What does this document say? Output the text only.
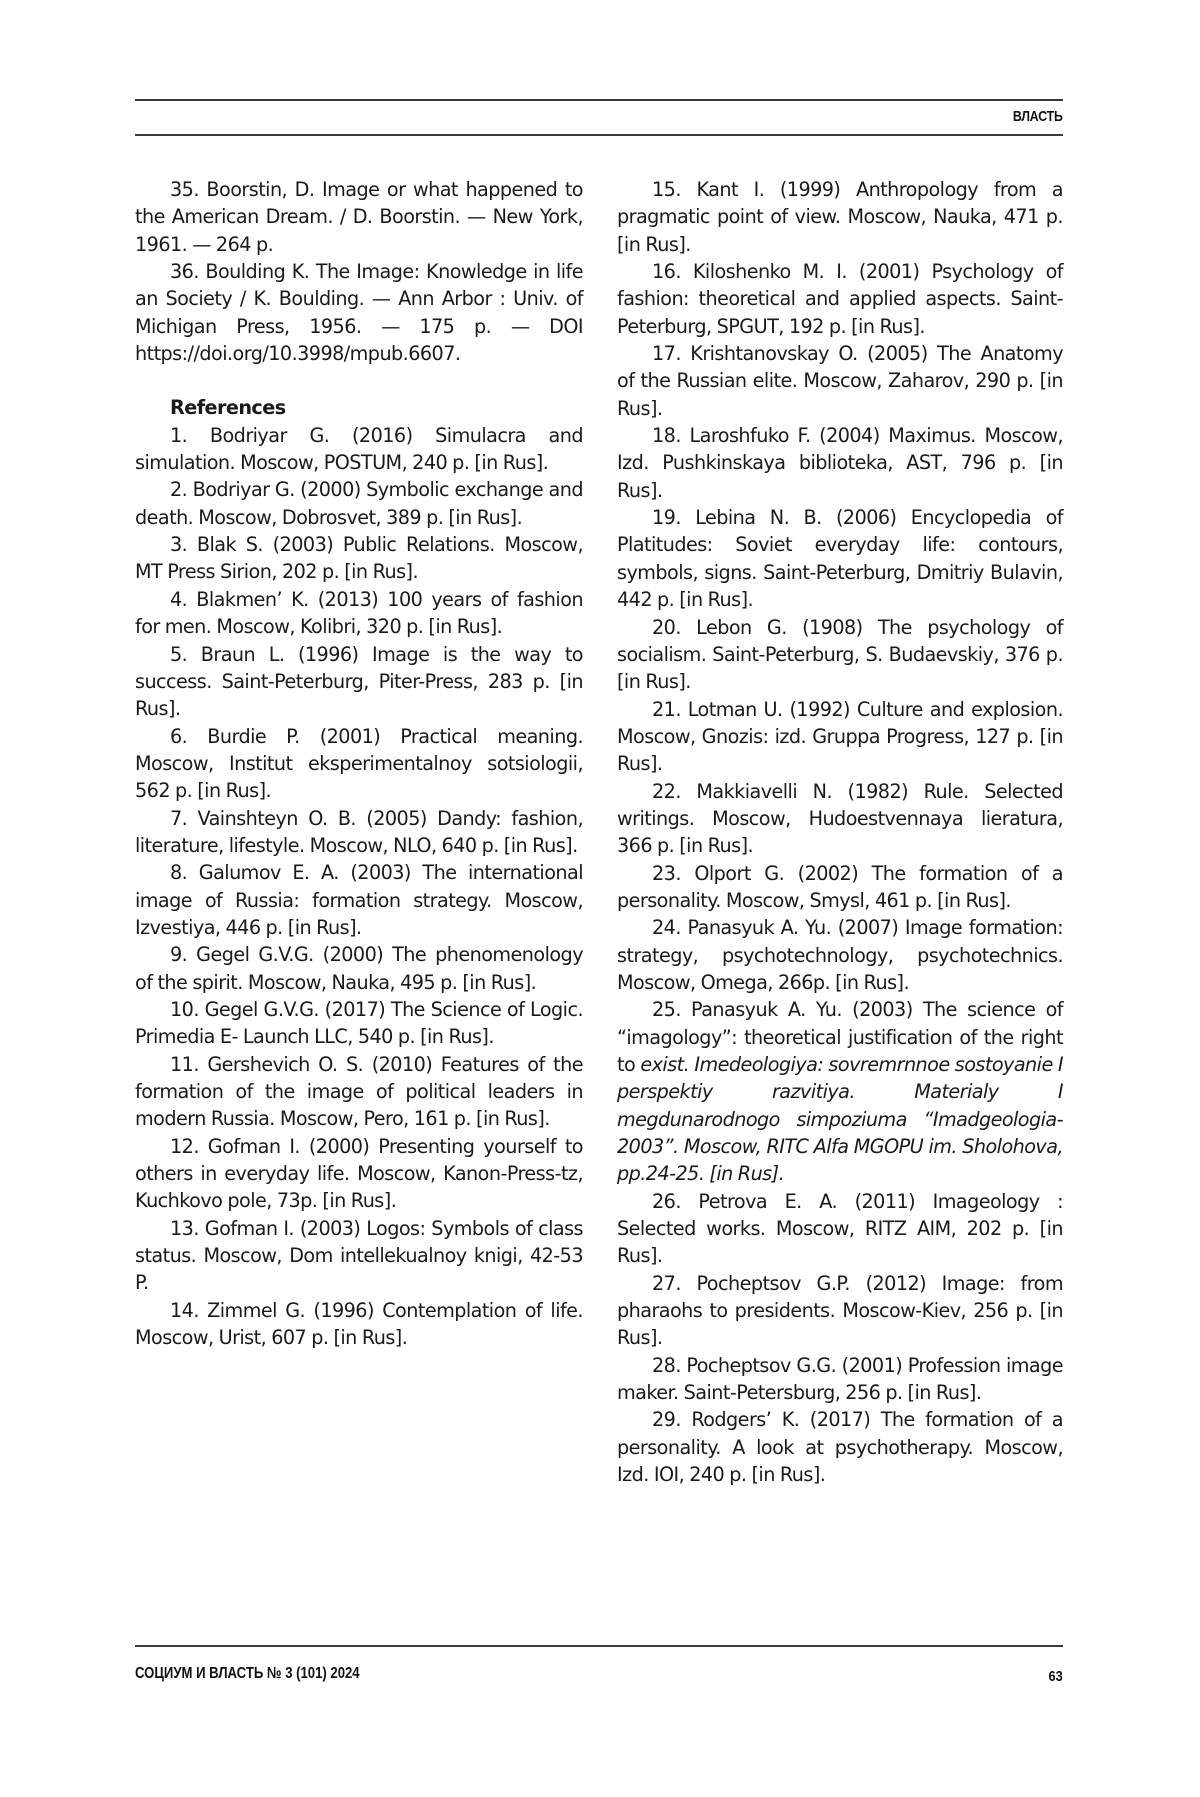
ВЛАСТЬ

35. Boorstin, D. Image or what happened to the American Dream. / D. Boorstin. — New York, 1961. — 264 p.

36. Boulding K. The Image: Knowledge in life an Society / K. Boulding. — Ann Arbor : Univ. of Michigan Press, 1956. — 175 p. — DOI https://doi.org/10.3998/mpub.6607.

References

1. Bodriyar G. (2016) Simulacra and simulation. Moscow, POSTUM, 240 p. [in Rus].

2. Bodriyar G. (2000) Symbolic exchange and death. Moscow, Dobrosvet, 389 p. [in Rus].

3. Blak S. (2003) Public Relations. Moscow, MT Press Sirion, 202 p. [in Rus].

4. Blakmen’ K. (2013) 100 years of fashion for men. Moscow, Kolibri, 320 p. [in Rus].

5. Braun L. (1996) Image is the way to success. Saint-Peterburg, Piter-Press, 283 p. [in Rus].

6. Burdie P. (2001) Practical meaning. Moscow, Institut eksperimentalnoy sotsiologii, 562 p. [in Rus].

7. Vainshteyn O. B. (2005) Dandy: fashion, literature, lifestyle. Moscow, NLO, 640 p. [in Rus].

8. Galumov E. A. (2003) The international image of Russia: formation strategy. Moscow, Izvestiya, 446 p. [in Rus].

9. Gegel G.V.G. (2000) The phenomenology of the spirit. Moscow, Nauka, 495 p. [in Rus].

10. Gegel G.V.G. (2017) The Science of Logic. Primedia E- Launch LLC, 540 p. [in Rus].

11. Gershevich O. S. (2010) Features of the formation of the image of political leaders in modern Russia. Moscow, Pero, 161 p. [in Rus].

12. Gofman I. (2000) Presenting yourself to others in everyday life. Moscow, Kanon-Press-tz, Kuchkovo pole, 73p. [in Rus].

13. Gofman I. (2003) Logos: Symbols of class status. Moscow, Dom intellekualnoy knigi, 42-53 P.

14. Zimmel G. (1996) Contemplation of life. Moscow, Urist, 607 p. [in Rus].

15. Kant I. (1999) Anthropology from a pragmatic point of view. Moscow, Nauka, 471 p. [in Rus].

16. Kiloshenko M. I. (2001) Psychology of fashion: theoretical and applied aspects. Saint-Peterburg, SPGUT, 192 p. [in Rus].

17. Krishtanovskay O. (2005) The Anatomy of the Russian elite. Moscow, Zaharov, 290 p. [in Rus].

18. Laroshfuko F. (2004) Maximus. Moscow, Izd. Pushkinskaya biblioteka, AST, 796 p. [in Rus].

19. Lebina N. B. (2006) Encyclopedia of Platitudes: Soviet everyday life: contours, symbols, signs. Saint-Peterburg, Dmitriy Bulavin, 442 p. [in Rus].

20. Lebon G. (1908) The psychology of socialism. Saint-Peterburg, S. Budaevskiy, 376 p. [in Rus].

21. Lotman U. (1992) Culture and explosion. Moscow, Gnozis: izd. Gruppa Progress, 127 p. [in Rus].

22. Makkiavelli N. (1982) Rule. Selected writings. Moscow, Hudoestvennaya lieratura, 366 p. [in Rus].

23. Olport G. (2002) The formation of a personality. Moscow, Smysl, 461 p. [in Rus].

24. Panasyuk A. Yu. (2007) Image formation: strategy, psychotechnology, psychotechnics. Moscow, Omega, 266p. [in Rus].

25. Panasyuk A. Yu. (2003) The science of “imagology”: theoretical justification of the right to exist. Imedeologiya: sovremrnnoe sostoyanie I perspektiy razvitiya. Materialy I megdunarodnogo simpoziuma “Imadgeologia-2003”. Moscow, RITC Alfa MGOPU im. Sholohova, pp.24-25. [in Rus].

26. Petrova E. A. (2011) Imageology : Selected works. Moscow, RITZ AIM, 202 p. [in Rus].

27. Pocheptsov G.P. (2012) Image: from pharaohs to presidents. Moscow-Kiev, 256 p. [in Rus].

28. Pocheptsov G.G. (2001) Profession image maker. Saint-Petersburg, 256 p. [in Rus].

29. Rodgers’ K. (2017) The formation of a personality. A look at psychotherapy. Moscow, Izd. IOI, 240 p. [in Rus].

СОЦИУМ И ВЛАСТЬ № 3 (101) 2024	63
